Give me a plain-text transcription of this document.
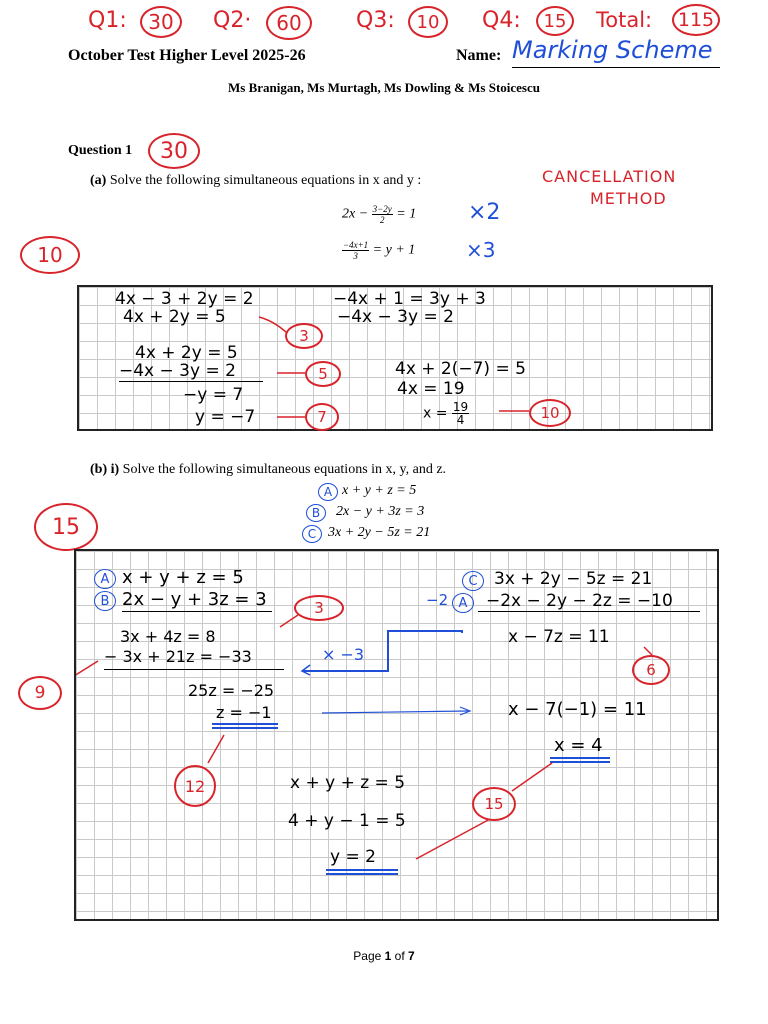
Q1:	30	Q2·	60	Q3:	10	Q4:	15	Total:	115
October Test Higher Level 2025-26	Name: Marking Scheme
Ms Branigan, Ms Murtagh, Ms Dowling & Ms Stoicescu
Question 1	30
(a) Solve the following simultaneous equations in x and y :	CANCELLATION
METHOD
$2x - \frac{3-2y}{2} = 1 \times 2$
$\frac{-4x+1}{3} = y + 1$	×3
10
4x − 3 + 2y = 2
4x + 2y = 5
4x + 2y = 5
−4x − 3y = 2
−y = 7
y = −7
−4x + 1 = 3y + 3
−4x − 3y = 2
4x + 2(−7) = 5
4x = 19
$x = \frac{19}{4}$
3
5
7	10
(b) i) Solve the following simultaneous equations in x, y, and z.
A x + y + z = 5
B	2x − y + 3z = 3
C 3x + 2y − 5z = 21
15
A x + y + z = 5
B 2x − y + 3z = 3
3x + 4z = 8
− 3x + 21z = −33	× −3
3
25z = −25
z = −1
C 3x + 2y − 5z = 21
−2 A	−2x − 2y − 2z = −10
x − 7z = 11
6
x − 7(−1) = 11
x = 4
12	x + y + z = 5
4 + y − 1 = 5
y = 2
15
9
Page 1 of 7
